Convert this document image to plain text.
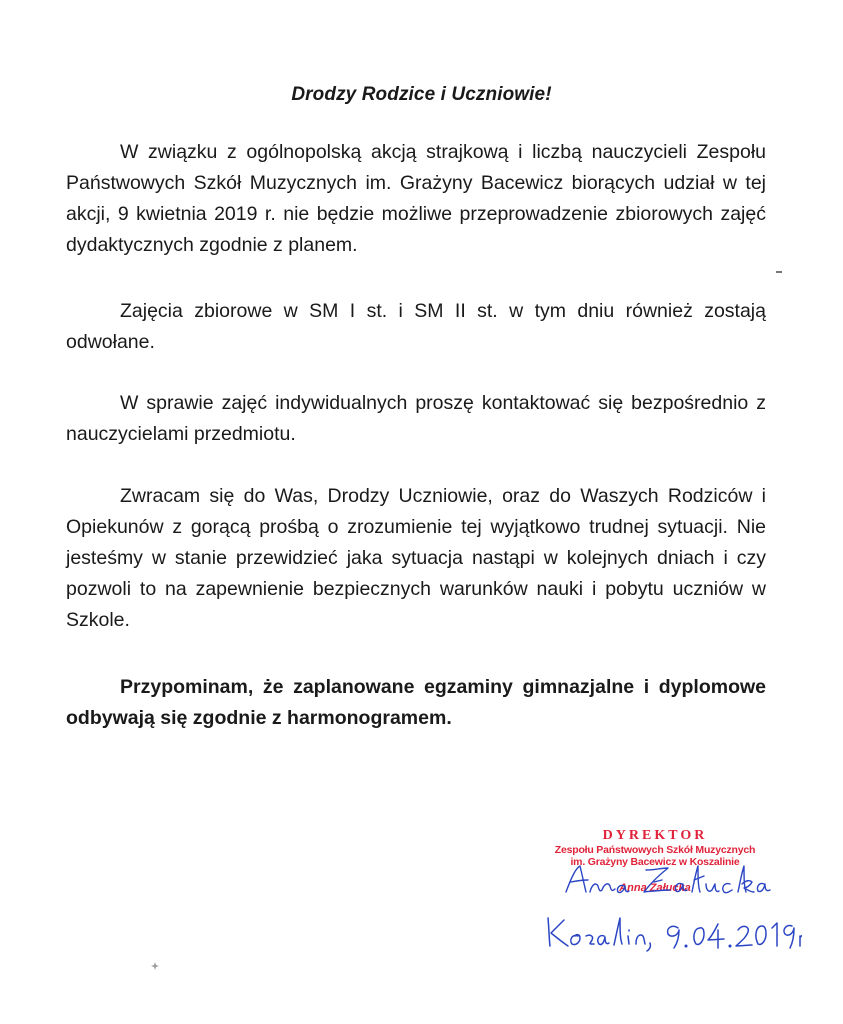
Drodzy Rodzice i Uczniowie!

W związku z ogólnopolską akcją strajkową i liczbą nauczycieli Zespołu Państwowych Szkół Muzycznych im. Grażyny Bacewicz biorących udział w tej akcji, 9 kwietnia 2019 r. nie będzie możliwe przeprowadzenie zbiorowych zajęć dydaktycznych zgodnie z planem.

Zajęcia zbiorowe w SM I st. i SM II st. w tym dniu również zostają odwołane.

W sprawie zajęć indywidualnych proszę kontaktować się bezpośrednio z nauczycielami przedmiotu.

Zwracam się do Was, Drodzy Uczniowie, oraz do Waszych Rodziców i Opiekunów z gorącą prośbą o zrozumienie tej wyjątkowo trudnej sytuacji. Nie jesteśmy w stanie przewidzieć jaka sytuacja nastąpi w kolejnych dniach i czy pozwoli to na zapewnienie bezpiecznych warunków nauki i pobytu uczniów w Szkole.

Przypominam, że zaplanowane egzaminy gimnazjalne i dyplomowe odbywają się zgodnie z harmonogramem.

DYREKTOR
Zespołu Państwowych Szkół Muzycznych
im. Grażyny Bacewicz w Koszalinie
Anna Załucka
